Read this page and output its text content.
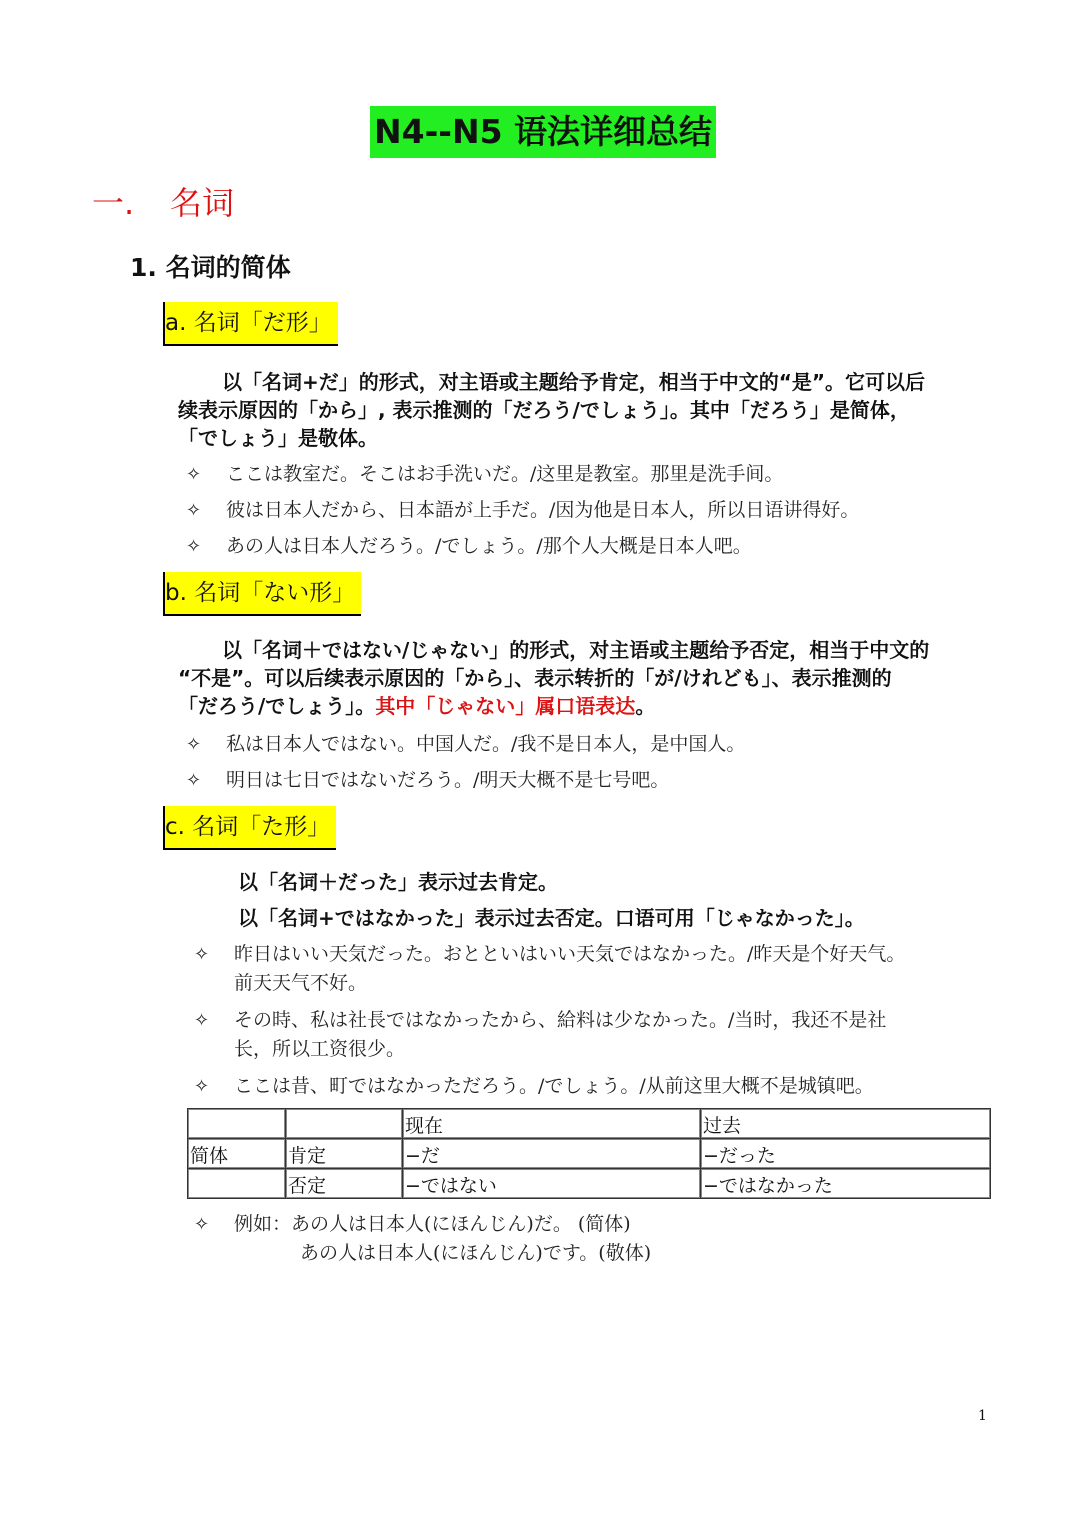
N4--N5 语法详细总结
一. 名词
1. 名词的简体
a. 名词「だ形」
以「名词+だ」的形式，对主语或主题给予肯定，相当于中文的“是”。它可以后
续表示原因的「から」, 表示推测的「だろう/でしょう」。其中「だろう」是简体，
「でしょう」是敬体。
✧ ここは教室だ。そこはお手洗いだ。/这里是教室。那里是洗手间。
✧ 彼は日本人だから、日本語が上手だ。/因为他是日本人，所以日语讲得好。
✧ あの人は日本人だろう。/でしょう。/那个人大概是日本人吧。
b. 名词「ない形」
以「名词＋ではない/じゃない」的形式，对主语或主题给予否定，相当于中文的
“不是”。可以后续表示原因的「から」、表示转折的「が/けれども」、表示推测的
「だろう/でしょう」。其中「じゃない」属口语表达。
✧ 私は日本人ではない。中国人だ。/我不是日本人，是中国人。
✧ 明日は七日ではないだろう。/明天大概不是七号吧。
c. 名词「た形」
以「名词＋だった」表示过去肯定。
以「名词+ではなかった」表示过去否定。口语可用「じゃなかった」。
✧ 昨日はいい天気だった。おとといはいい天気ではなかった。/昨天是个好天气。
前天天气不好。
✧ その時、私は社長ではなかったから、給料は少なかった。/当时，我还不是社
长，所以工资很少。
✧ ここは昔、町ではなかっただろう。/でしょう。/从前这里大概不是城镇吧。
		现在	过去
简体	肯定	−だ	−だった
	否定	−ではない	−ではなかった
✧ 例如：あの人は日本人(にほんじん)だ。 (简体)
あの人は日本人(にほんじん)です。(敬体)
1
